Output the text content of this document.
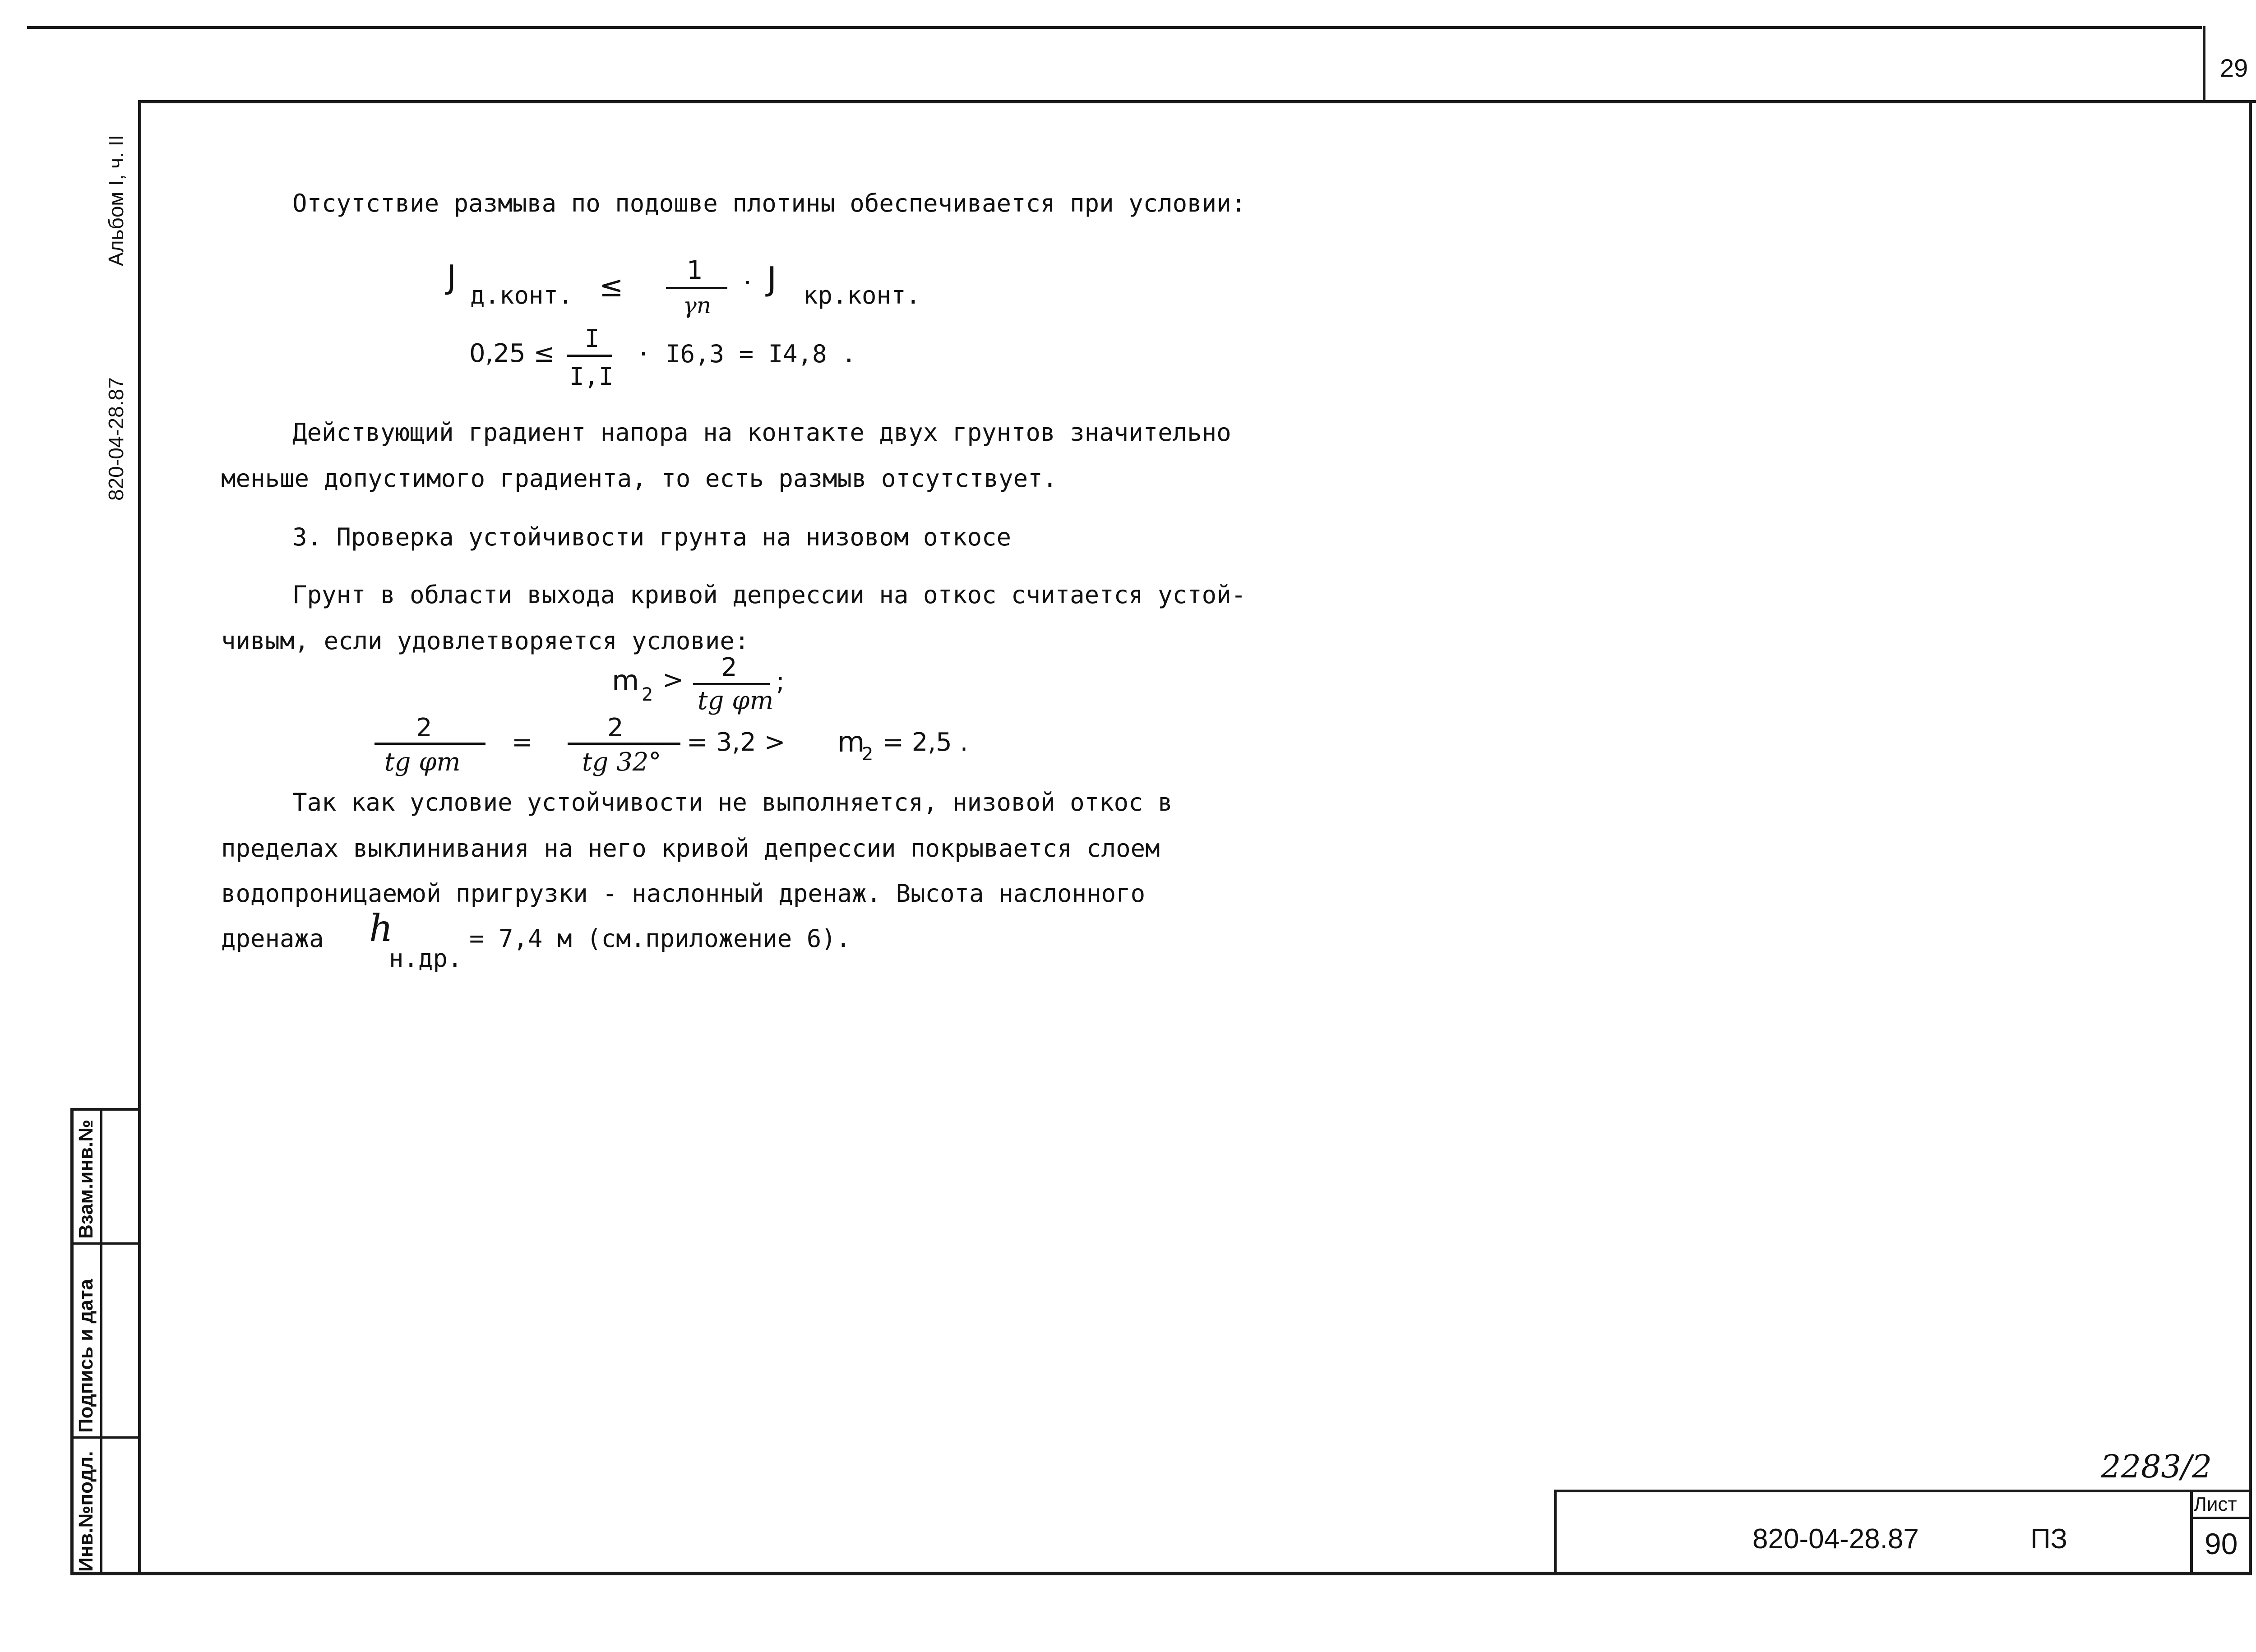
29
Альбом I, ч. II
820-04-28.87
Взам.инв.№
Подпись и дата
Инв.№подл.
Отсутствие размыва по подошве плотины обеспечивается при условии:
J д.конт. ≤	1
γn
· J кр.конт.
0,25 ≤
I
I,I
· I6,3 = I4,8 .
Действующий градиент напора на контакте двух грунтов значительно
меньше допустимого градиента, то есть размыв отсутствует.
3. Проверка устойчивости грунта на низовом откосе
Грунт в области выхода кривой депрессии на откос считается устой-
чивым, если удовлетворяется условие:
m 2 > 2
tg φт
;
2
tg φт
=	2
tg 32°
= 3,2 > m
2 = 2,5 .
Так как условие устойчивости не выполняется, низовой откос в
пределах выклинивания на него кривой депрессии покрывается слоем
водопроницаемой пригрузки - наслонный дренаж. Высота наслонного
дренажа h
н.др.
= 7,4 м (см.приложение 6).
2283/2
820-04-28.87	ПЗ
Лист
90
